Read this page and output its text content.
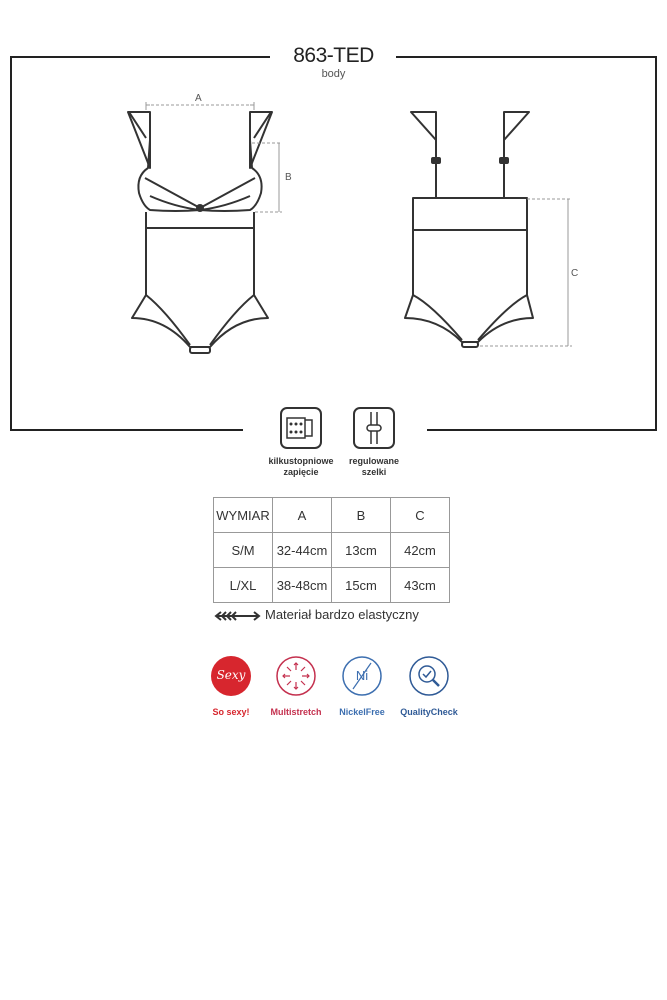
863-TED
body
A
B
C
kilkustopniowe
zapięcie
regulowane
szelki
WYMIAR	A	B	C
S/M	32-44cm	13cm	42cm
L/XL	38-48cm	15cm	43cm
Materiał bardzo elastyczny
Sexy
So sexy!	Multistretch
Ni
NickelFree	QualityCheck
